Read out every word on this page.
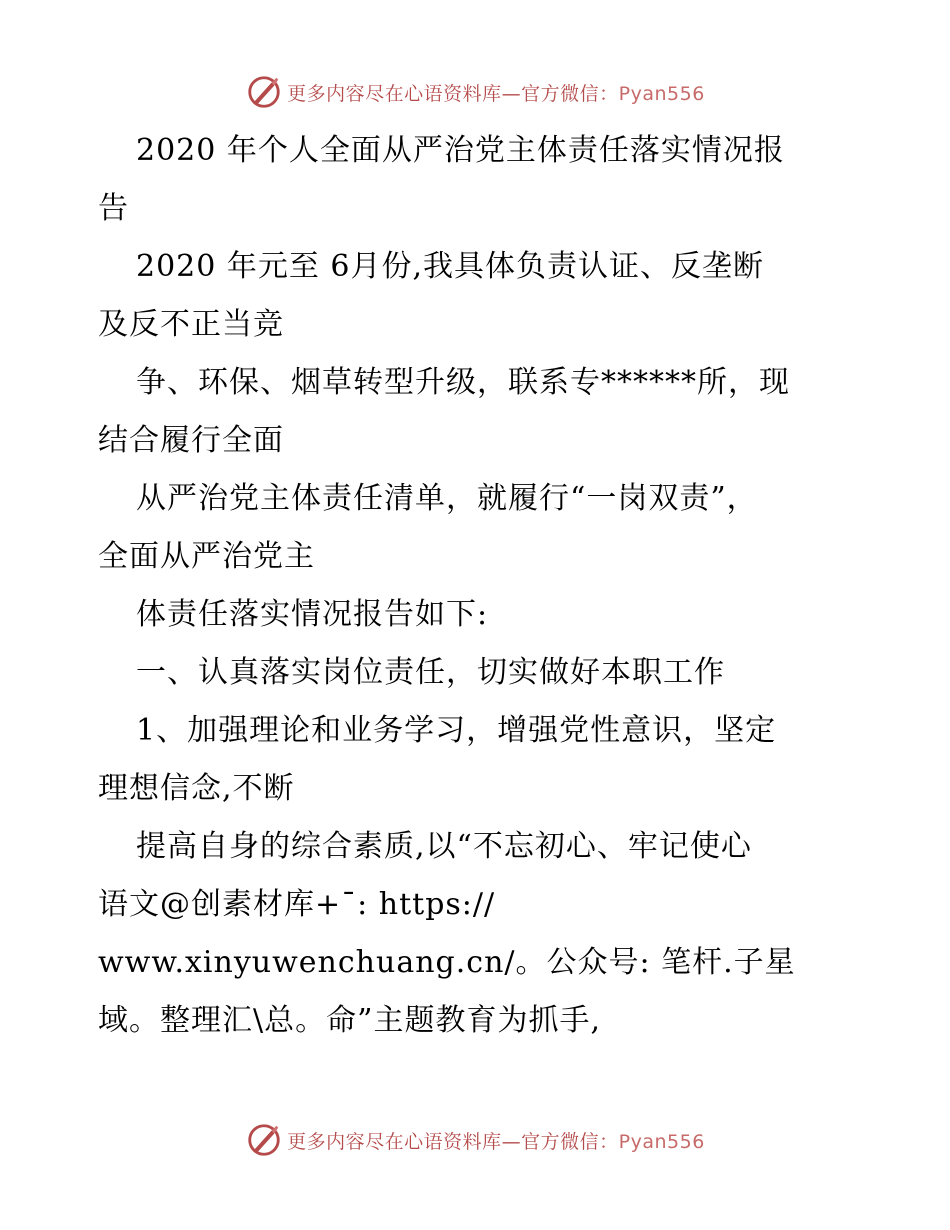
更多内容尽在心语资料库—官方微信：Pyan556
2020 年个人全面从严治党主体责任落实情况报
告
2020 年元至 6月份,我具体负责认证、反垄断
及反不正当竞
争、环保、烟草转型升级，联系专******所，现
结合履行全面
从严治党主体责任清单，就履行“一岗双责”，
全面从严治党主
体责任落实情况报告如下:
一、认真落实岗位责任，切实做好本职工作
1、加强理论和业务学习，增强党性意识，坚定
理想信念,不断
提高自身的综合素质,以“不忘初心、牢记使心
语文@创素材库+¯: https://
www.xinyuwenchuang.cn/。公众号: 笔杆.子星
域。整理汇\总。命”主题教育为抓手,
更多内容尽在心语资料库—官方微信：Pyan556
